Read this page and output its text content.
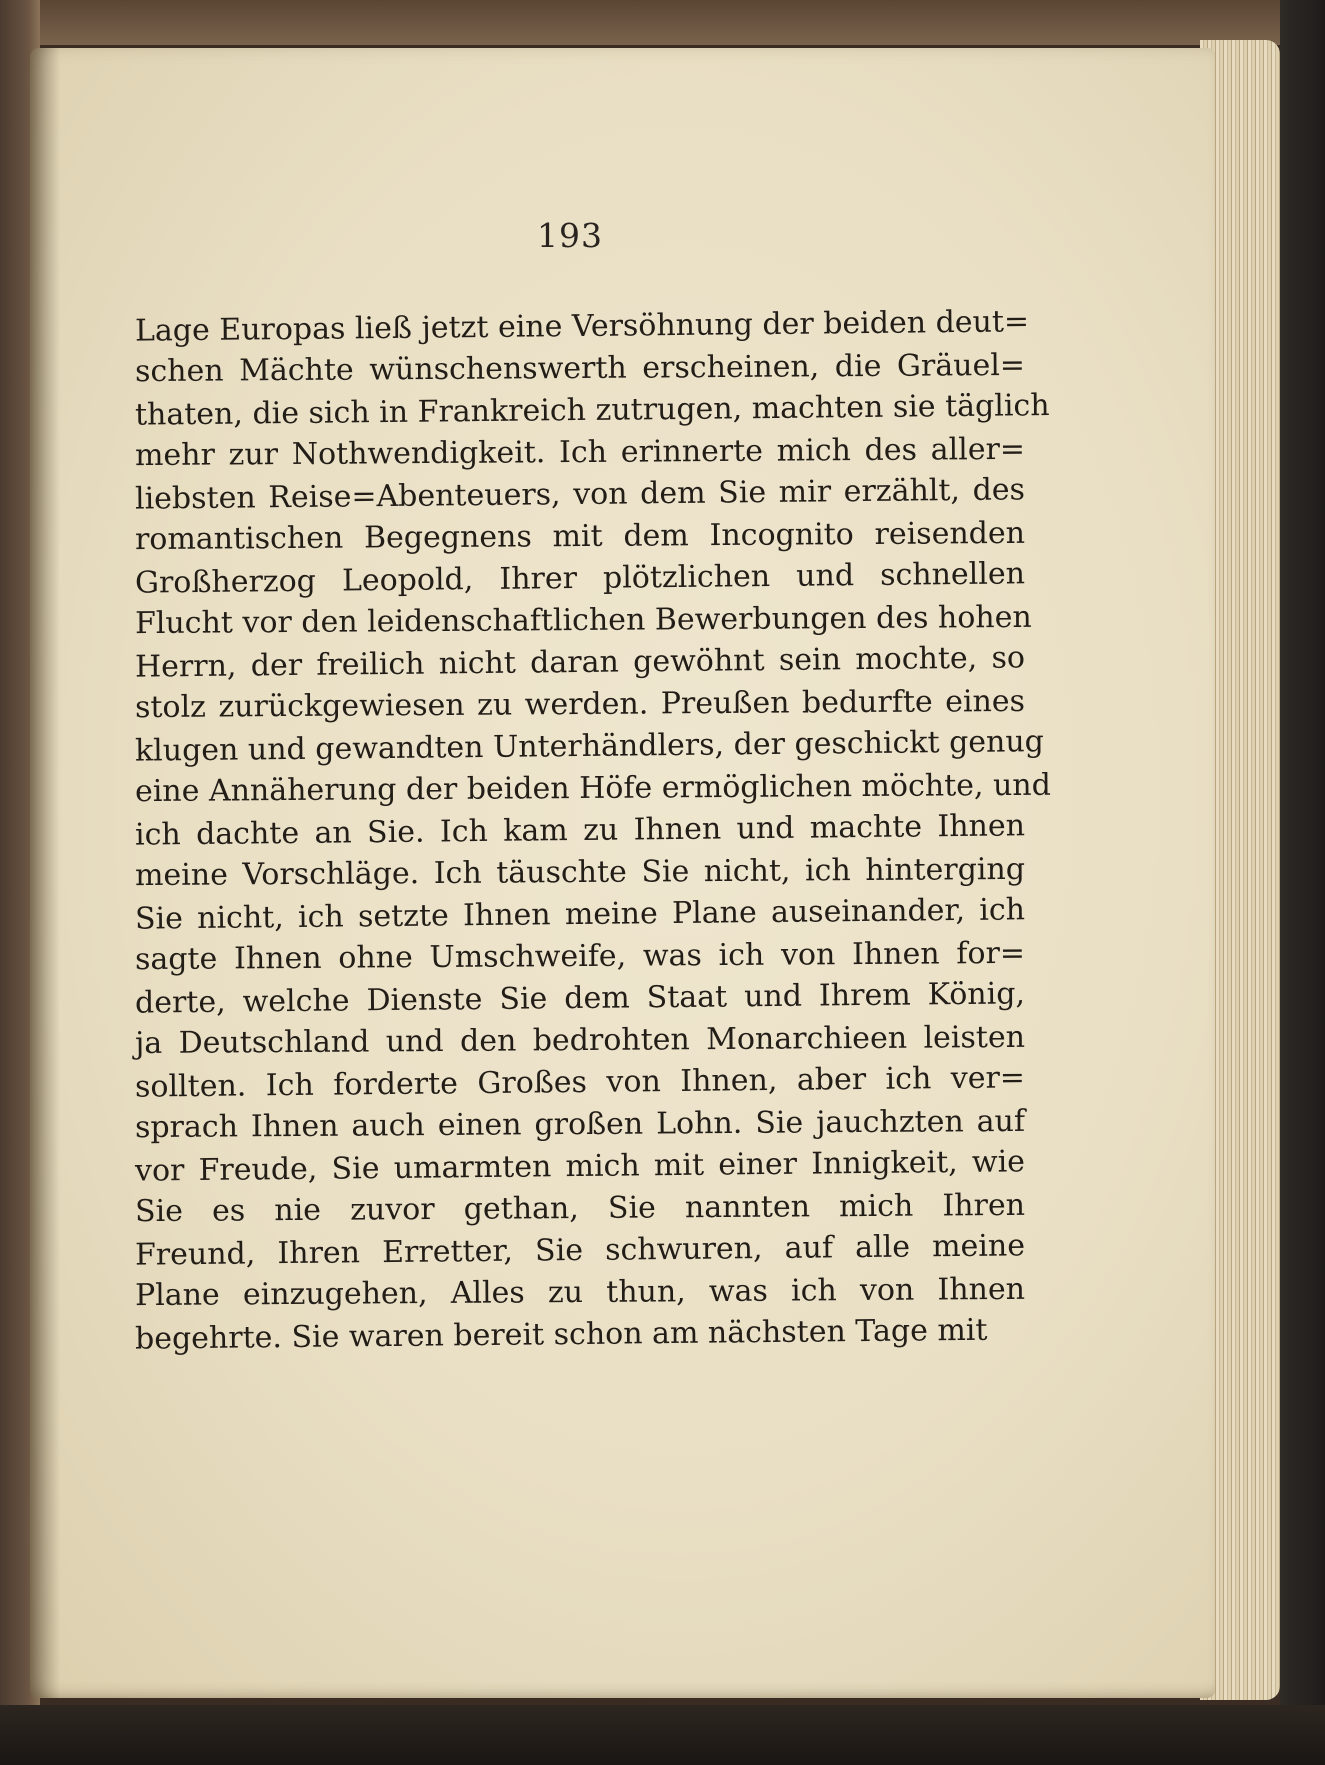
193
Lage Europas ließ jetzt eine Versöhnung der beiden deut=
schen Mächte wünschenswerth erscheinen, die Gräuel=
thaten, die sich in Frankreich zutrugen, machten sie täglich
mehr zur Nothwendigkeit. Ich erinnerte mich des aller=
liebsten Reise=Abenteuers, von dem Sie mir erzählt, des
romantischen Begegnens mit dem Incognito reisenden
Großherzog Leopold, Ihrer plötzlichen und schnellen
Flucht vor den leidenschaftlichen Bewerbungen des hohen
Herrn, der freilich nicht daran gewöhnt sein mochte, so
stolz zurückgewiesen zu werden. Preußen bedurfte eines
klugen und gewandten Unterhändlers, der geschickt genug
eine Annäherung der beiden Höfe ermöglichen möchte, und
ich dachte an Sie. Ich kam zu Ihnen und machte Ihnen
meine Vorschläge. Ich täuschte Sie nicht, ich hinterging
Sie nicht, ich setzte Ihnen meine Plane auseinander, ich
sagte Ihnen ohne Umschweife, was ich von Ihnen for=
derte, welche Dienste Sie dem Staat und Ihrem König,
ja Deutschland und den bedrohten Monarchieen leisten
sollten. Ich forderte Großes von Ihnen, aber ich ver=
sprach Ihnen auch einen großen Lohn. Sie jauchzten auf
vor Freude, Sie umarmten mich mit einer Innigkeit, wie
Sie es nie zuvor gethan, Sie nannten mich Ihren
Freund, Ihren Erretter, Sie schwuren, auf alle meine
Plane einzugehen, Alles zu thun, was ich von Ihnen
begehrte. Sie waren bereit schon am nächsten Tage mit
